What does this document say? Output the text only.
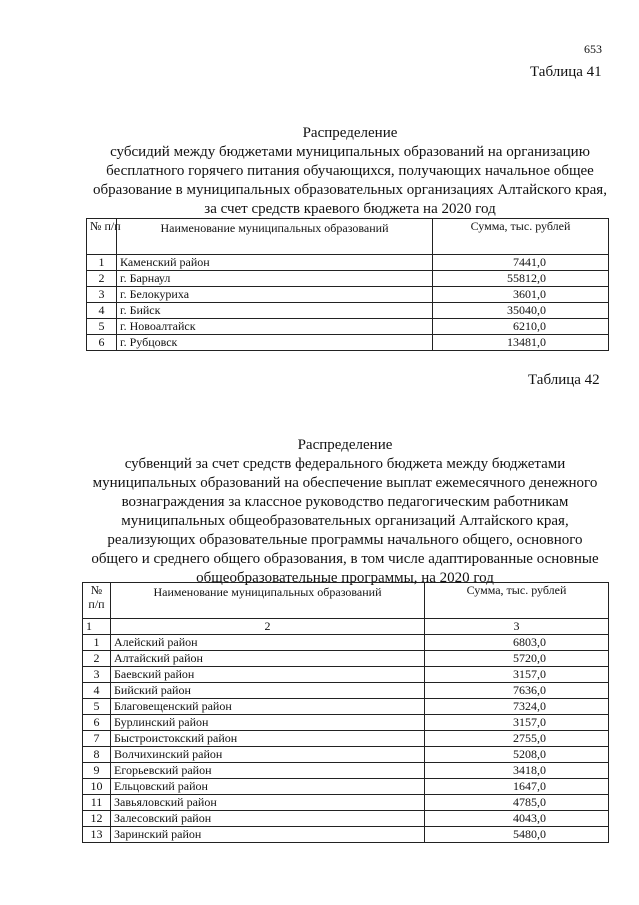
653
Таблица 41
Распределение
субсидий между бюджетами муниципальных образований на организацию
бесплатного горячего питания обучающихся, получающих начальное общее
образование в муниципальных образовательных организациях Алтайского края,
за счет средств краевого бюджета на 2020 год
№ п/п	Наименование муниципальных образований	Сумма, тыс. рублей
1	Каменский район	7441,0
2	г. Барнаул	55812,0
3	г. Белокуриха	3601,0
4	г. Бийск	35040,0
5	г. Новоалтайск	6210,0
6	г. Рубцовск	13481,0
Таблица 42
Распределение
субвенций за счет средств федерального бюджета между бюджетами
муниципальных образований на обеспечение выплат ежемесячного денежного
вознаграждения за классное руководство педагогическим работникам
муниципальных общеобразовательных организаций Алтайского края,
реализующих образовательные программы начального общего, основного
общего и среднего общего образования, в том числе адаптированные основные
общеобразовательные программы, на 2020 год
№ п/п	Наименование муниципальных образований	Сумма, тыс. рублей
1	2	3
1	Алейский район	6803,0
2	Алтайский район	5720,0
3	Баевский район	3157,0
4	Бийский район	7636,0
5	Благовещенский район	7324,0
6	Бурлинский район	3157,0
7	Быстроистокский район	2755,0
8	Волчихинский район	5208,0
9	Егорьевский район	3418,0
10	Ельцовский район	1647,0
11	Завьяловский район	4785,0
12	Залесовский район	4043,0
13	Заринский район	5480,0
